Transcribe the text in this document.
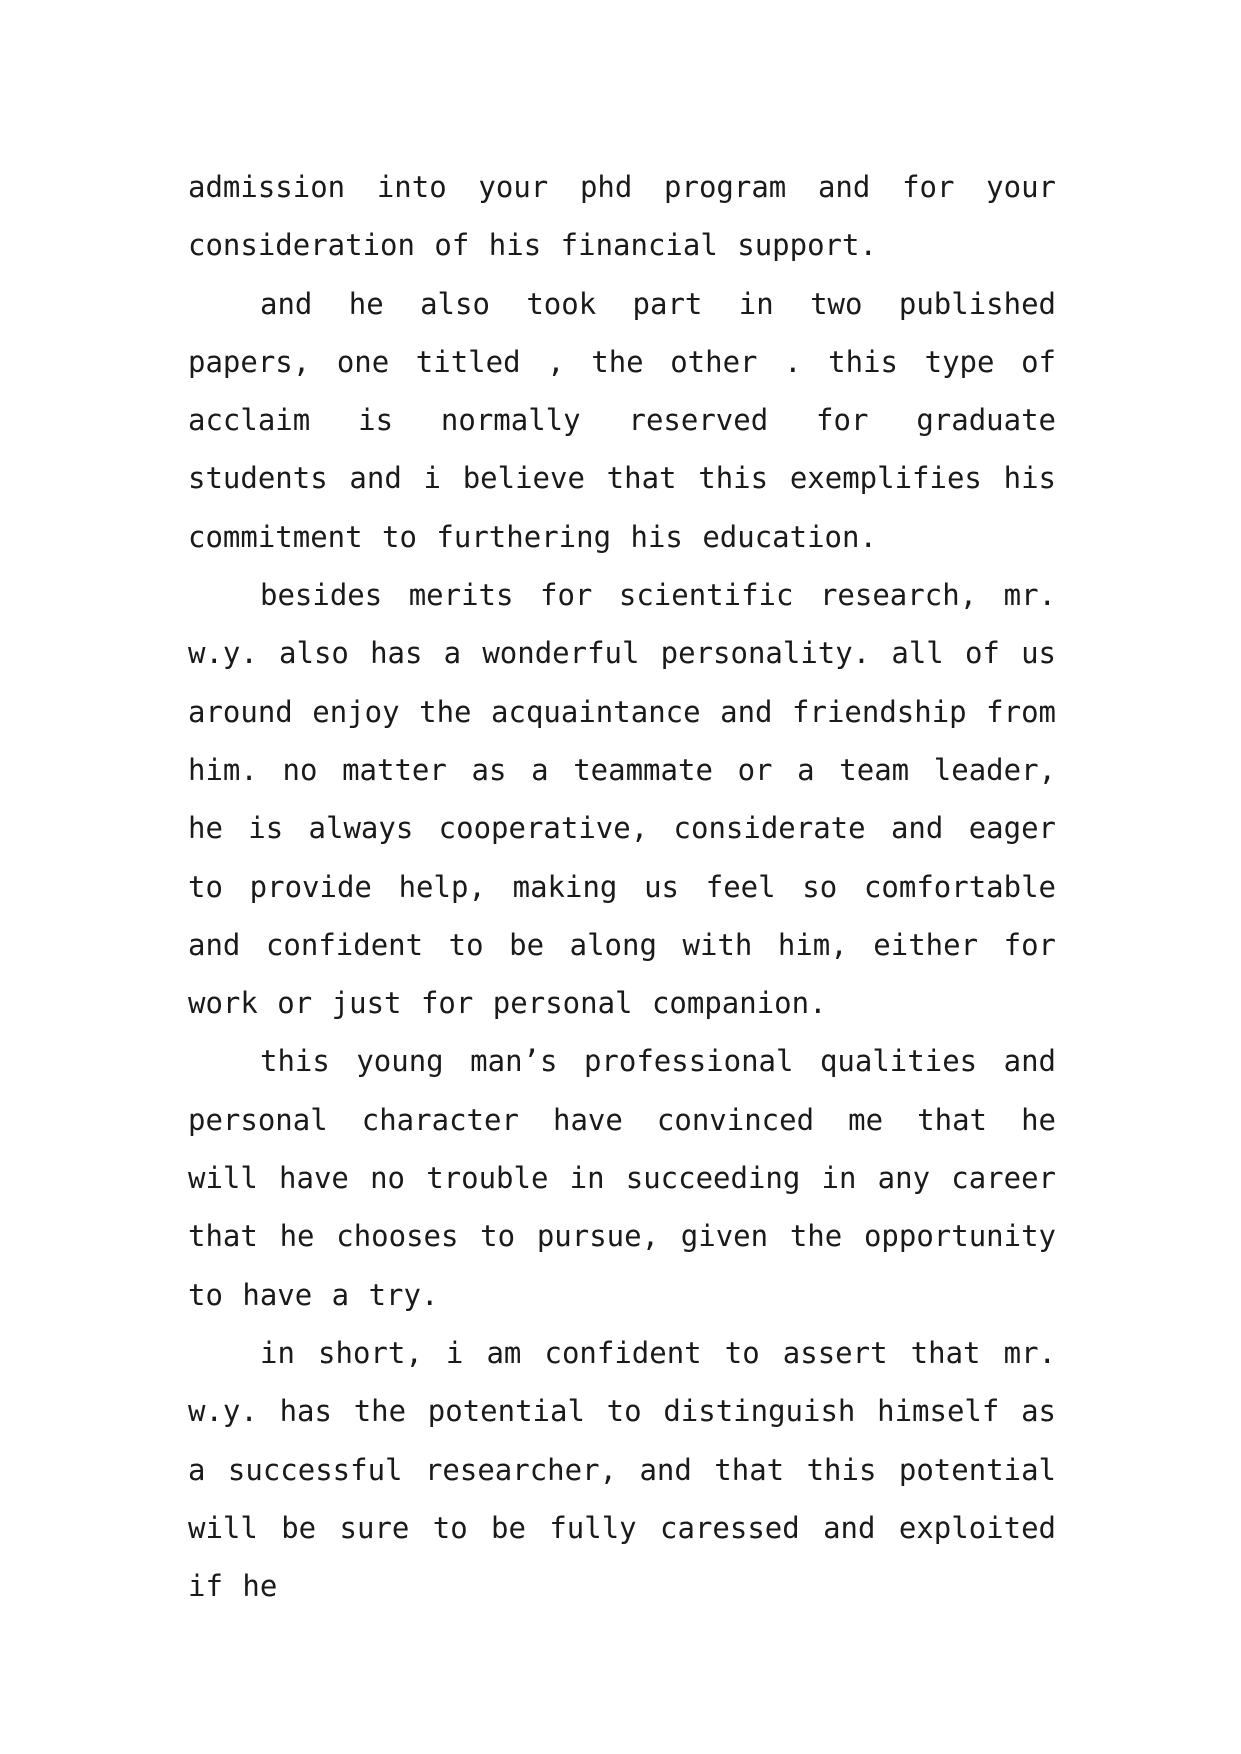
admission into your phd program and for your consideration of his financial support.

and he also took part in two published papers, one titled , the other . this type of acclaim is normally reserved for graduate students and i believe that this exemplifies his commitment to furthering his education.

besides merits for scientific research, mr. w.y. also has a wonderful personality. all of us around enjoy the acquaintance and friendship from him. no matter as a teammate or a team leader, he is always cooperative, considerate and eager to provide help, making us feel so comfortable and confident to be along with him, either for work or just for personal companion.

this young man’s professional qualities and personal character have convinced me that he will have no trouble in succeeding in any career that he chooses to pursue, given the opportunity to have a try.

in short, i am confident to assert that mr. w.y. has the potential to distinguish himself as a successful researcher, and that this potential will be sure to be fully caressed and exploited if he
